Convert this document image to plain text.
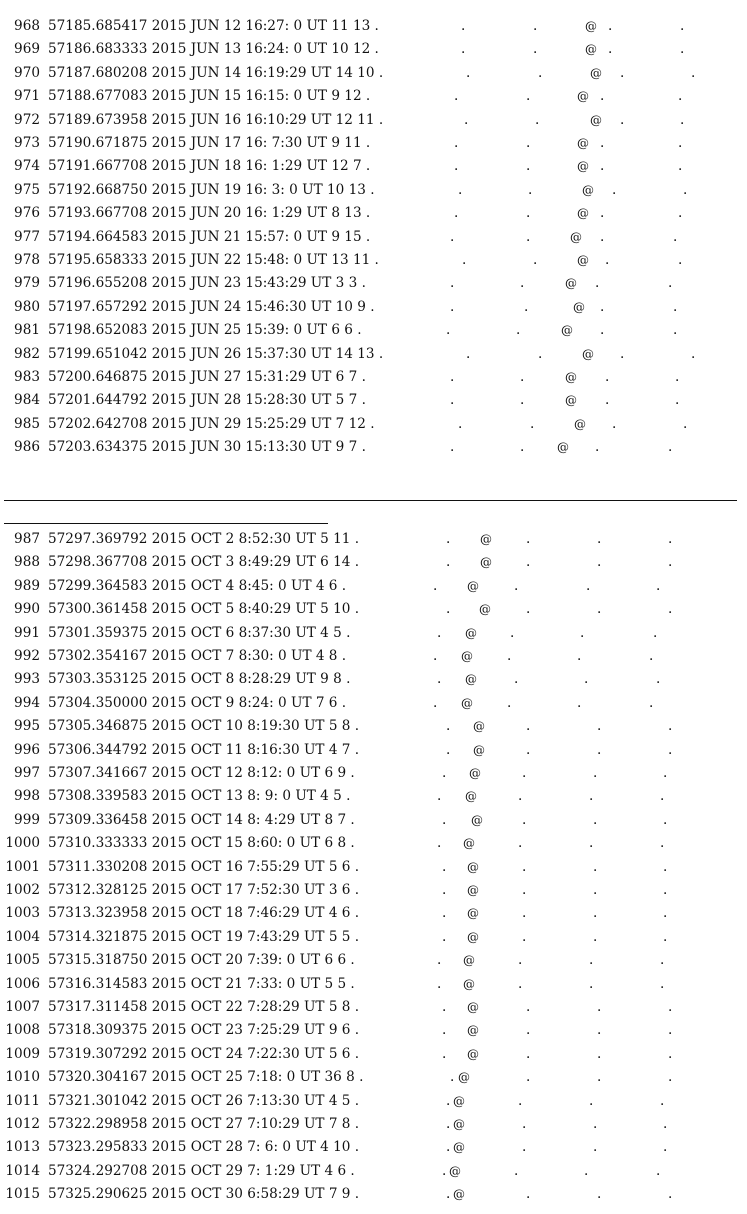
968 57185.685417 2015 JUN 12 16:27: 0 UT 11 13 .	.	.	@ .	.
969 57186.683333 2015 JUN 13 16:24: 0 UT 10 12 .	.	.	@ .	.
970 57187.680208 2015 JUN 14 16:19:29 UT 14 10 .	.	.	@ .	.
971 57188.677083 2015 JUN 15 16:15: 0 UT 9 12 .	.	.	@ .	.
972 57189.673958 2015 JUN 16 16:10:29 UT 12 11 .	.	.	@ .	.
973 57190.671875 2015 JUN 17 16: 7:30 UT 9 11 .	.	.	@ .	.
974 57191.667708 2015 JUN 18 16: 1:29 UT 12 7 .	.	.	@ .	.
975 57192.668750 2015 JUN 19 16: 3: 0 UT 10 13 .	.	.	@ .	.
976 57193.667708 2015 JUN 20 16: 1:29 UT 8 13 .	.	.	@ .	.
977 57194.664583 2015 JUN 21 15:57: 0 UT 9 15 .	.	.	@ .	.
978 57195.658333 2015 JUN 22 15:48: 0 UT 13 11 .	.	.	@ .	.
979 57196.655208 2015 JUN 23 15:43:29 UT 3 3 .	.	.	@ .	.
980 57197.657292 2015 JUN 24 15:46:30 UT 10 9 .	.	.	@ .	.
981 57198.652083 2015 JUN 25 15:39: 0 UT 6 6 .	.	.	@ .	.
982 57199.651042 2015 JUN 26 15:37:30 UT 14 13 .	.	.	@ .	.
983 57200.646875 2015 JUN 27 15:31:29 UT 6 7 .	.	.	@ .	.
984 57201.644792 2015 JUN 28 15:28:30 UT 5 7 .	.	.	@ .	.
985 57202.642708 2015 JUN 29 15:25:29 UT 7 12 .	.	.	@ .	.
986 57203.634375 2015 JUN 30 15:13:30 UT 9 7 .	.	.	@ .	.
987 57297.369792 2015 OCT 2 8:52:30 UT 5 11 .	. @	.	.	.
988 57298.367708 2015 OCT 3 8:49:29 UT 6 14 .	. @	.	.	.
989 57299.364583 2015 OCT 4 8:45: 0 UT 4 6 .	. @	.	.	.
990 57300.361458 2015 OCT 5 8:40:29 UT 5 10 .	. @	.	.	.
991 57301.359375 2015 OCT 6 8:37:30 UT 4 5 .	. @ .	.	.
992 57302.354167 2015 OCT 7 8:30: 0 UT 4 8 .	. @	.	.	.
993 57303.353125 2015 OCT 8 8:28:29 UT 9 8 .	. @	.	.	.
994 57304.350000 2015 OCT 9 8:24: 0 UT 7 6 .	. @	.	.	.
995 57305.346875 2015 OCT 10 8:19:30 UT 5 8 .	. @	.	.	.
996 57306.344792 2015 OCT 11 8:16:30 UT 4 7 .	. @	.	.	.
997 57307.341667 2015 OCT 12 8:12: 0 UT 6 9 .	. @	.	.	.
998 57308.339583 2015 OCT 13 8: 9: 0 UT 4 5 .	. @	.	.	.
999 57309.336458 2015 OCT 14 8: 4:29 UT 8 7 .	. @	.	.	.
1000 57310.333333 2015 OCT 15 8:60: 0 UT 6 8 .	. @	.	.	.
1001 57311.330208 2015 OCT 16 7:55:29 UT 5 6 .	. @	.	.	.
1002 57312.328125 2015 OCT 17 7:52:30 UT 3 6 .	. @	.	.	.
1003 57313.323958 2015 OCT 18 7:46:29 UT 4 6 .	. @	.	.	.
1004 57314.321875 2015 OCT 19 7:43:29 UT 5 5 .	. @	.	.	.
1005 57315.318750 2015 OCT 20 7:39: 0 UT 6 6 .	. @	.	.	.
1006 57316.314583 2015 OCT 21 7:33: 0 UT 5 5 .	. @	.	.	.
1007 57317.311458 2015 OCT 22 7:28:29 UT 5 8 .	. @	.	.	.
1008 57318.309375 2015 OCT 23 7:25:29 UT 9 6 .	. @	.	.	.
1009 57319.307292 2015 OCT 24 7:22:30 UT 5 6 .	. @	.	.	.
1010 57320.304167 2015 OCT 25 7:18: 0 UT 36 8 .	. @	.	.	.
1011 57321.301042 2015 OCT 26 7:13:30 UT 4 5 .	. @	.	.	.
1012 57322.298958 2015 OCT 27 7:10:29 UT 7 8 .	. @	.	.	.
1013 57323.295833 2015 OCT 28 7: 6: 0 UT 4 10 .	. @	.	.	.
1014 57324.292708 2015 OCT 29 7: 1:29 UT 4 6 .	. @	.	.	.
1015 57325.290625 2015 OCT 30 6:58:29 UT 7 9 .	. @	.	.	.
